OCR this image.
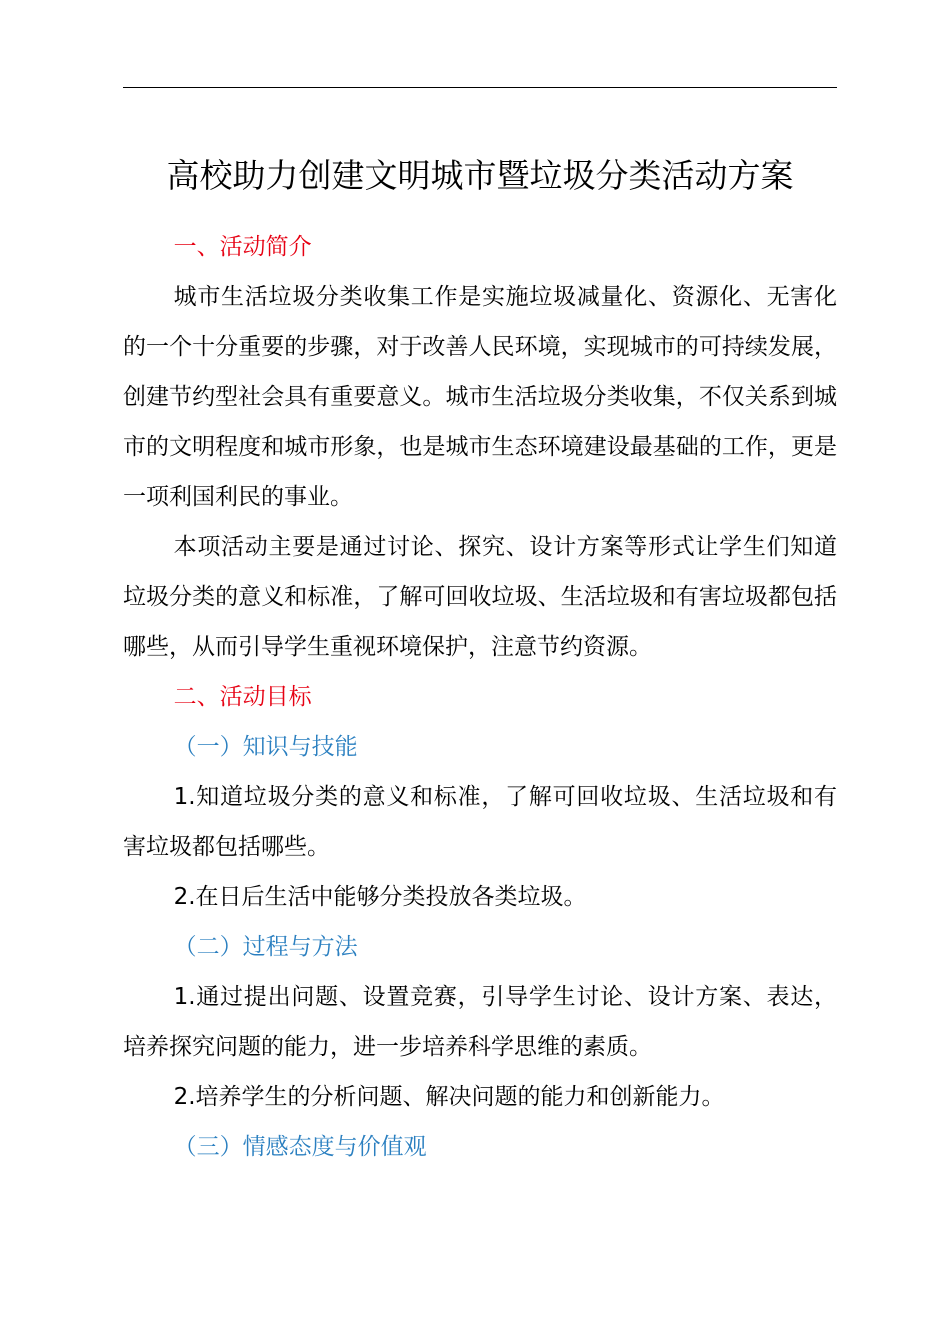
高校助力创建文明城市暨垃圾分类活动方案

一、活动简介

城市生活垃圾分类收集工作是实施垃圾减量化、资源化、无害化的一个十分重要的步骤，对于改善人民环境，实现城市的可持续发展，创建节约型社会具有重要意义。城市生活垃圾分类收集，不仅关系到城市的文明程度和城市形象，也是城市生态环境建设最基础的工作，更是一项利国利民的事业。

本项活动主要是通过讨论、探究、设计方案等形式让学生们知道垃圾分类的意义和标准，了解可回收垃圾、生活垃圾和有害垃圾都包括哪些，从而引导学生重视环境保护，注意节约资源。

二、活动目标

（一）知识与技能

1.知道垃圾分类的意义和标准，了解可回收垃圾、生活垃圾和有害垃圾都包括哪些。

2.在日后生活中能够分类投放各类垃圾。

（二）过程与方法

1.通过提出问题、设置竞赛，引导学生讨论、设计方案、表达，培养探究问题的能力，进一步培养科学思维的素质。

2.培养学生的分析问题、解决问题的能力和创新能力。

（三）情感态度与价值观
